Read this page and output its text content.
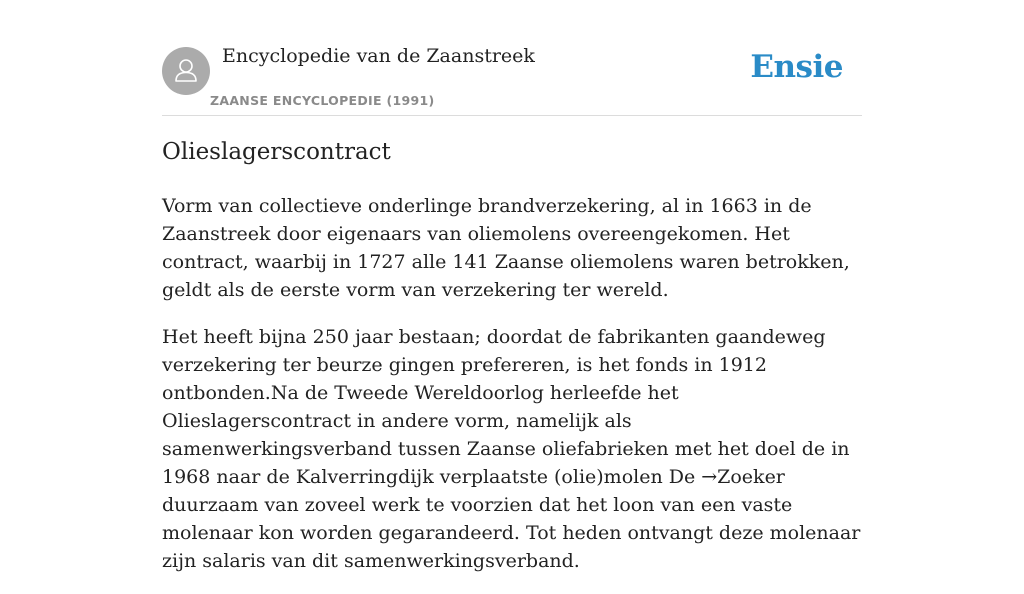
Encyclopedie van de Zaanstreek
ZAANSE ENCYCLOPEDIE (1991)
Ensie
Olieslagerscontract

Vorm van collectieve onderlinge brandverzekering, al in 1663 in de Zaanstreek door eigenaars van oliemolens overeengekomen. Het contract, waarbij in 1727 alle 141 Zaanse oliemolens waren betrokken, geldt als de eerste vorm van verzekering ter wereld.

Het heeft bijna 250 jaar bestaan; doordat de fabrikanten gaandeweg verzekering ter beurze gingen prefereren, is het fonds in 1912 ontbonden.Na de Tweede Wereldoorlog herleefde het Olieslagerscontract in andere vorm, namelijk als samenwerkingsverband tussen Zaanse oliefabrieken met het doel de in 1968 naar de Kalverringdijk verplaatste (olie)molen De →Zoeker duurzaam van zoveel werk te voorzien dat het loon van een vaste molenaar kon worden gegarandeerd. Tot heden ontvangt deze molenaar zijn salaris van dit samenwerkingsverband.
